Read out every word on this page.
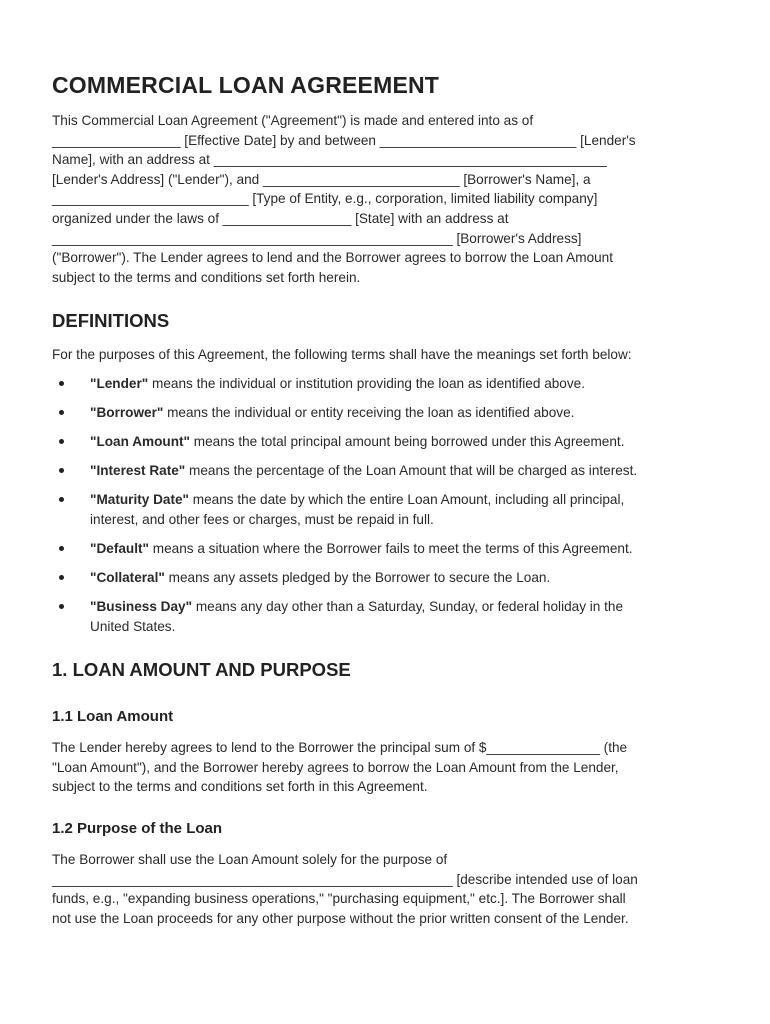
COMMERCIAL LOAN AGREEMENT

This Commercial Loan Agreement ("Agreement") is made and entered into as of
_________________ [Effective Date] by and between __________________________ [Lender's
Name], with an address at ____________________________________________________
[Lender's Address] ("Lender"), and __________________________ [Borrower's Name], a
__________________________ [Type of Entity, e.g., corporation, limited liability company]
organized under the laws of _________________ [State] with an address at
_____________________________________________________ [Borrower's Address]
("Borrower"). The Lender agrees to lend and the Borrower agrees to borrow the Loan Amount
subject to the terms and conditions set forth herein.

DEFINITIONS

For the purposes of this Agreement, the following terms shall have the meanings set forth below:

"Lender" means the individual or institution providing the loan as identified above.
"Borrower" means the individual or entity receiving the loan as identified above.
"Loan Amount" means the total principal amount being borrowed under this Agreement.
"Interest Rate" means the percentage of the Loan Amount that will be charged as interest.
"Maturity Date" means the date by which the entire Loan Amount, including all principal,
interest, and other fees or charges, must be repaid in full.
"Default" means a situation where the Borrower fails to meet the terms of this Agreement.
"Collateral" means any assets pledged by the Borrower to secure the Loan.
"Business Day" means any day other than a Saturday, Sunday, or federal holiday in the
United States.
1. LOAN AMOUNT AND PURPOSE
1.1 Loan Amount

The Lender hereby agrees to lend to the Borrower the principal sum of $_______________ (the
"Loan Amount"), and the Borrower hereby agrees to borrow the Loan Amount from the Lender,
subject to the terms and conditions set forth in this Agreement.

1.2 Purpose of the Loan

The Borrower shall use the Loan Amount solely for the purpose of
_____________________________________________________ [describe intended use of loan
funds, e.g., "expanding business operations," "purchasing equipment," etc.]. The Borrower shall
not use the Loan proceeds for any other purpose without the prior written consent of the Lender.
